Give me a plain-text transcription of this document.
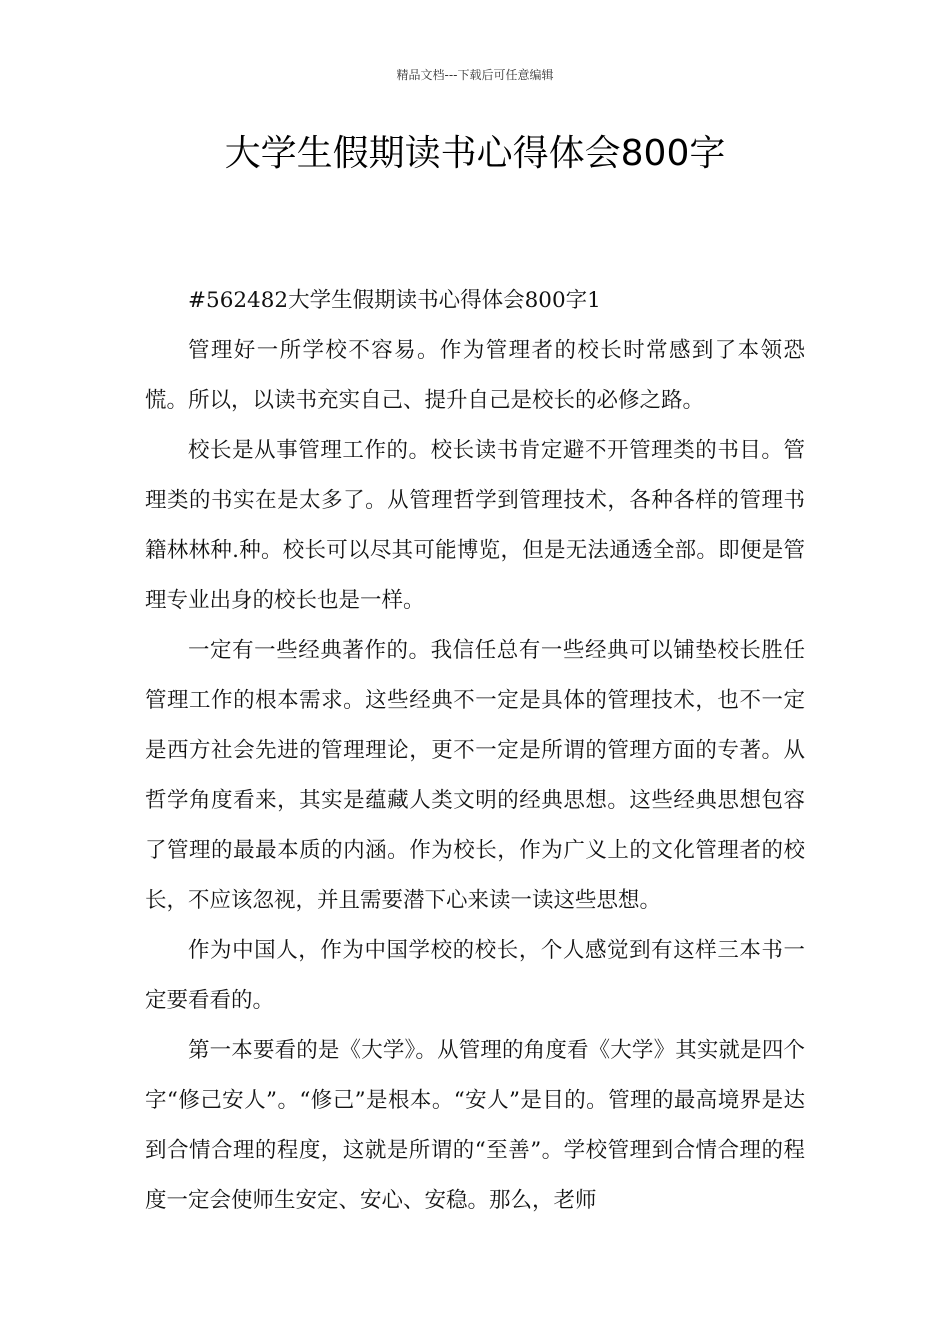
精品文档---下载后可任意编辑
大学生假期读书心得体会800字

#562482大学生假期读书心得体会800字1

管理好一所学校不容易。作为管理者的校长时常感到了本领恐慌。所以，以读书充实自己、提升自己是校长的必修之路。

校长是从事管理工作的。校长读书肯定避不开管理类的书目。管理类的书实在是太多了。从管理哲学到管理技术，各种各样的管理书籍林林种.种。校长可以尽其可能博览，但是无法通透全部。即便是管理专业出身的校长也是一样。

一定有一些经典著作的。我信任总有一些经典可以铺垫校长胜任管理工作的根本需求。这些经典不一定是具体的管理技术，也不一定是西方社会先进的管理理论，更不一定是所谓的管理方面的专著。从哲学角度看来，其实是蕴藏人类文明的经典思想。这些经典思想包容了管理的最最本质的内涵。作为校长，作为广义上的文化管理者的校长，不应该忽视，并且需要潜下心来读一读这些思想。

作为中国人，作为中国学校的校长，个人感觉到有这样三本书一定要看看的。

第一本要看的是《大学》。从管理的角度看《大学》其实就是四个字“修己安人”。“修己”是根本。“安人”是目的。管理的最高境界是达到合情合理的程度，这就是所谓的“至善”。学校管理到合情合理的程度一定会使师生安定、安心、安稳。那么，老师
